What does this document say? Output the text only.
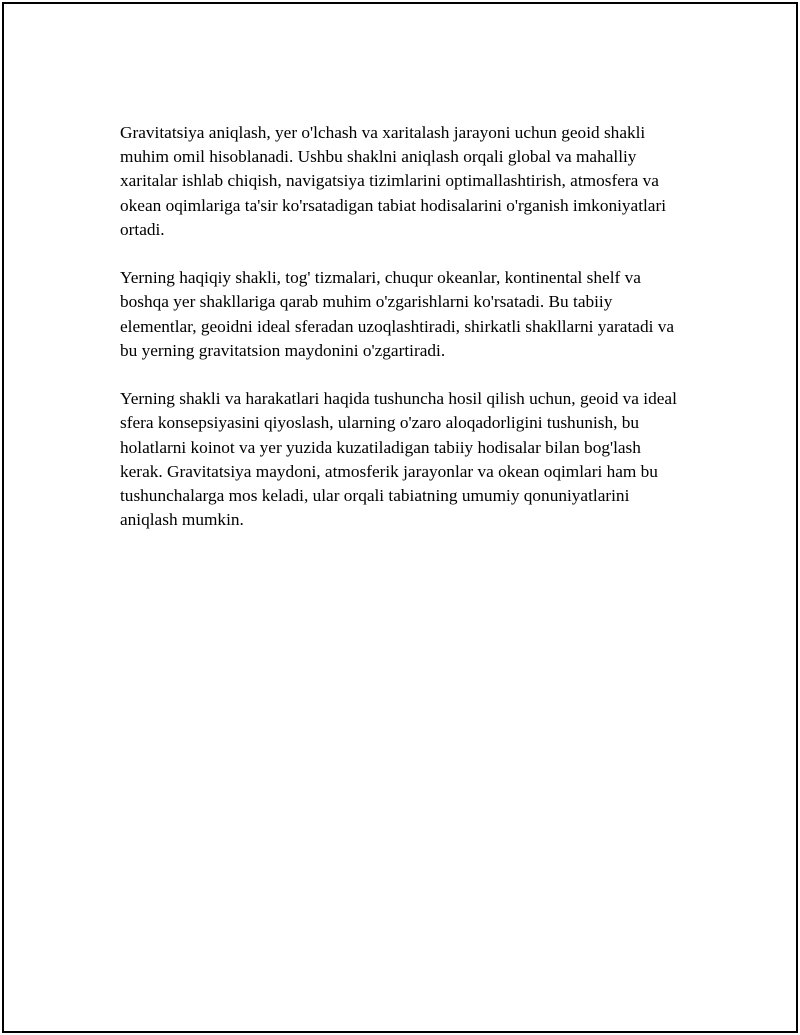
Gravitatsiya aniqlash, yer o'lchash va xaritalash jarayoni uchun geoid shakli muhim omil hisoblanadi. Ushbu shaklni aniqlash orqali global va mahalliy xaritalar ishlab chiqish, navigatsiya tizimlarini optimallashtirish, atmosfera va okean oqimlariga ta'sir ko'rsatadigan tabiat hodisalarini o'rganish imkoniyatlari ortadi.

Yerning haqiqiy shakli, tog' tizmalari, chuqur okeanlar, kontinental shelf va boshqa yer shakllariga qarab muhim o'zgarishlarni ko'rsatadi. Bu tabiiy elementlar, geoidni ideal sferadan uzoqlashtiradi, shirkatli shakllarni yaratadi va bu yerning gravitatsion maydonini o'zgartiradi.

Yerning shakli va harakatlari haqida tushuncha hosil qilish uchun, geoid va ideal sfera konsepsiyasini qiyoslash, ularning o'zaro aloqadorligini tushunish, bu holatlarni koinot va yer yuzida kuzatiladigan tabiiy hodisalar bilan bog'lash kerak. Gravitatsiya maydoni, atmosferik jarayonlar va okean oqimlari ham bu tushunchalarga mos keladi, ular orqali tabiatning umumiy qonuniyatlarini aniqlash mumkin.
